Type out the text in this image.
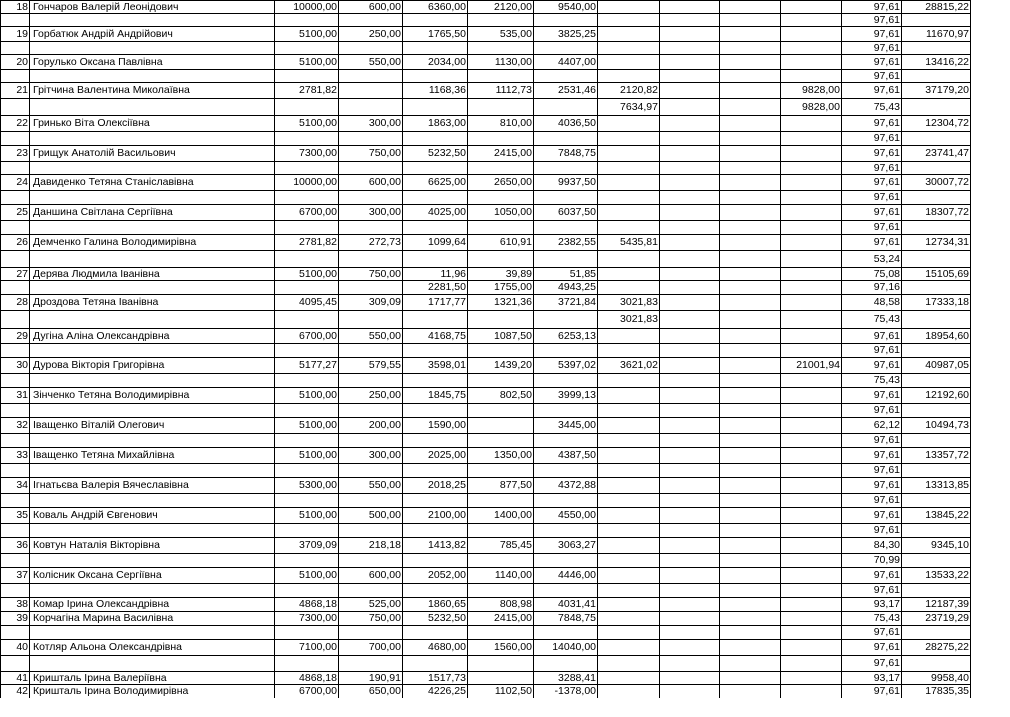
18	Гончаров Валерій Леонідович	10000,00	600,00	6360,00	2120,00	9540,00					97,61	28815,22
											97,61	
19	Горбатюк Андрій Андрійович	5100,00	250,00	1765,50	535,00	3825,25					97,61	11670,97
											97,61	
20	Горулько Оксана Павлівна	5100,00	550,00	2034,00	1130,00	4407,00					97,61	13416,22
											97,61	
21	Грітчина Валентина Миколаївна	2781,82		1168,36	1112,73	2531,46	2120,82			9828,00	97,61	37179,20
							7634,97			9828,00	75,43	
22	Гринько Віта Олексіївна	5100,00	300,00	1863,00	810,00	4036,50					97,61	12304,72
											97,61	
23	Грищук Анатолій Васильович	7300,00	750,00	5232,50	2415,00	7848,75					97,61	23741,47
											97,61	
24	Давиденко Тетяна Станіславівна	10000,00	600,00	6625,00	2650,00	9937,50					97,61	30007,72
											97,61	
25	Даншина Світлана Сергіївна	6700,00	300,00	4025,00	1050,00	6037,50					97,61	18307,72
											97,61	
26	Демченко Галина Володимирівна	2781,82	272,73	1099,64	610,91	2382,55	5435,81				97,61	12734,31
											53,24	
27	Дерява Людмила Іванівна	5100,00	750,00	11,96	39,89	51,85					75,08	15105,69
				2281,50	1755,00	4943,25					97,16	
28	Дроздова Тетяна Іванівна	4095,45	309,09	1717,77	1321,36	3721,84	3021,83				48,58	17333,18
							3021,83				75,43	
29	Дугіна Аліна Олександрівна	6700,00	550,00	4168,75	1087,50	6253,13					97,61	18954,60
											97,61	
30	Дурова Вікторія Григорівна	5177,27	579,55	3598,01	1439,20	5397,02	3621,02			21001,94	97,61	40987,05
											75,43	
31	Зінченко Тетяна Володимирівна	5100,00	250,00	1845,75	802,50	3999,13					97,61	12192,60
											97,61	
32	Іващенко Віталій Олегович	5100,00	200,00	1590,00		3445,00					62,12	10494,73
											97,61	
33	Іващенко Тетяна Михайлівна	5100,00	300,00	2025,00	1350,00	4387,50					97,61	13357,72
											97,61	
34	Ігнатьєва Валерія Вячеславівна	5300,00	550,00	2018,25	877,50	4372,88					97,61	13313,85
											97,61	
35	Коваль Андрій Євгенович	5100,00	500,00	2100,00	1400,00	4550,00					97,61	13845,22
											97,61	
36	Ковтун Наталія Вікторівна	3709,09	218,18	1413,82	785,45	3063,27					84,30	9345,10
											70,99	
37	Колісник Оксана Сергіївна	5100,00	600,00	2052,00	1140,00	4446,00					97,61	13533,22
											97,61	
38	Комар Ірина Олександрівна	4868,18	525,00	1860,65	808,98	4031,41					93,17	12187,39
39	Корчагіна Марина Василівна	7300,00	750,00	5232,50	2415,00	7848,75					75,43	23719,29
											97,61	
40	Котляр Альона Олександрівна	7100,00	700,00	4680,00	1560,00	14040,00					97,61	28275,22
											97,61	
41	Кришталь Ірина Валеріївна	4868,18	190,91	1517,73		3288,41					93,17	9958,40
42	Кришталь Ірина Володимирівна	6700,00	650,00	4226,25	1102,50	-1378,00					97,61	17835,35
